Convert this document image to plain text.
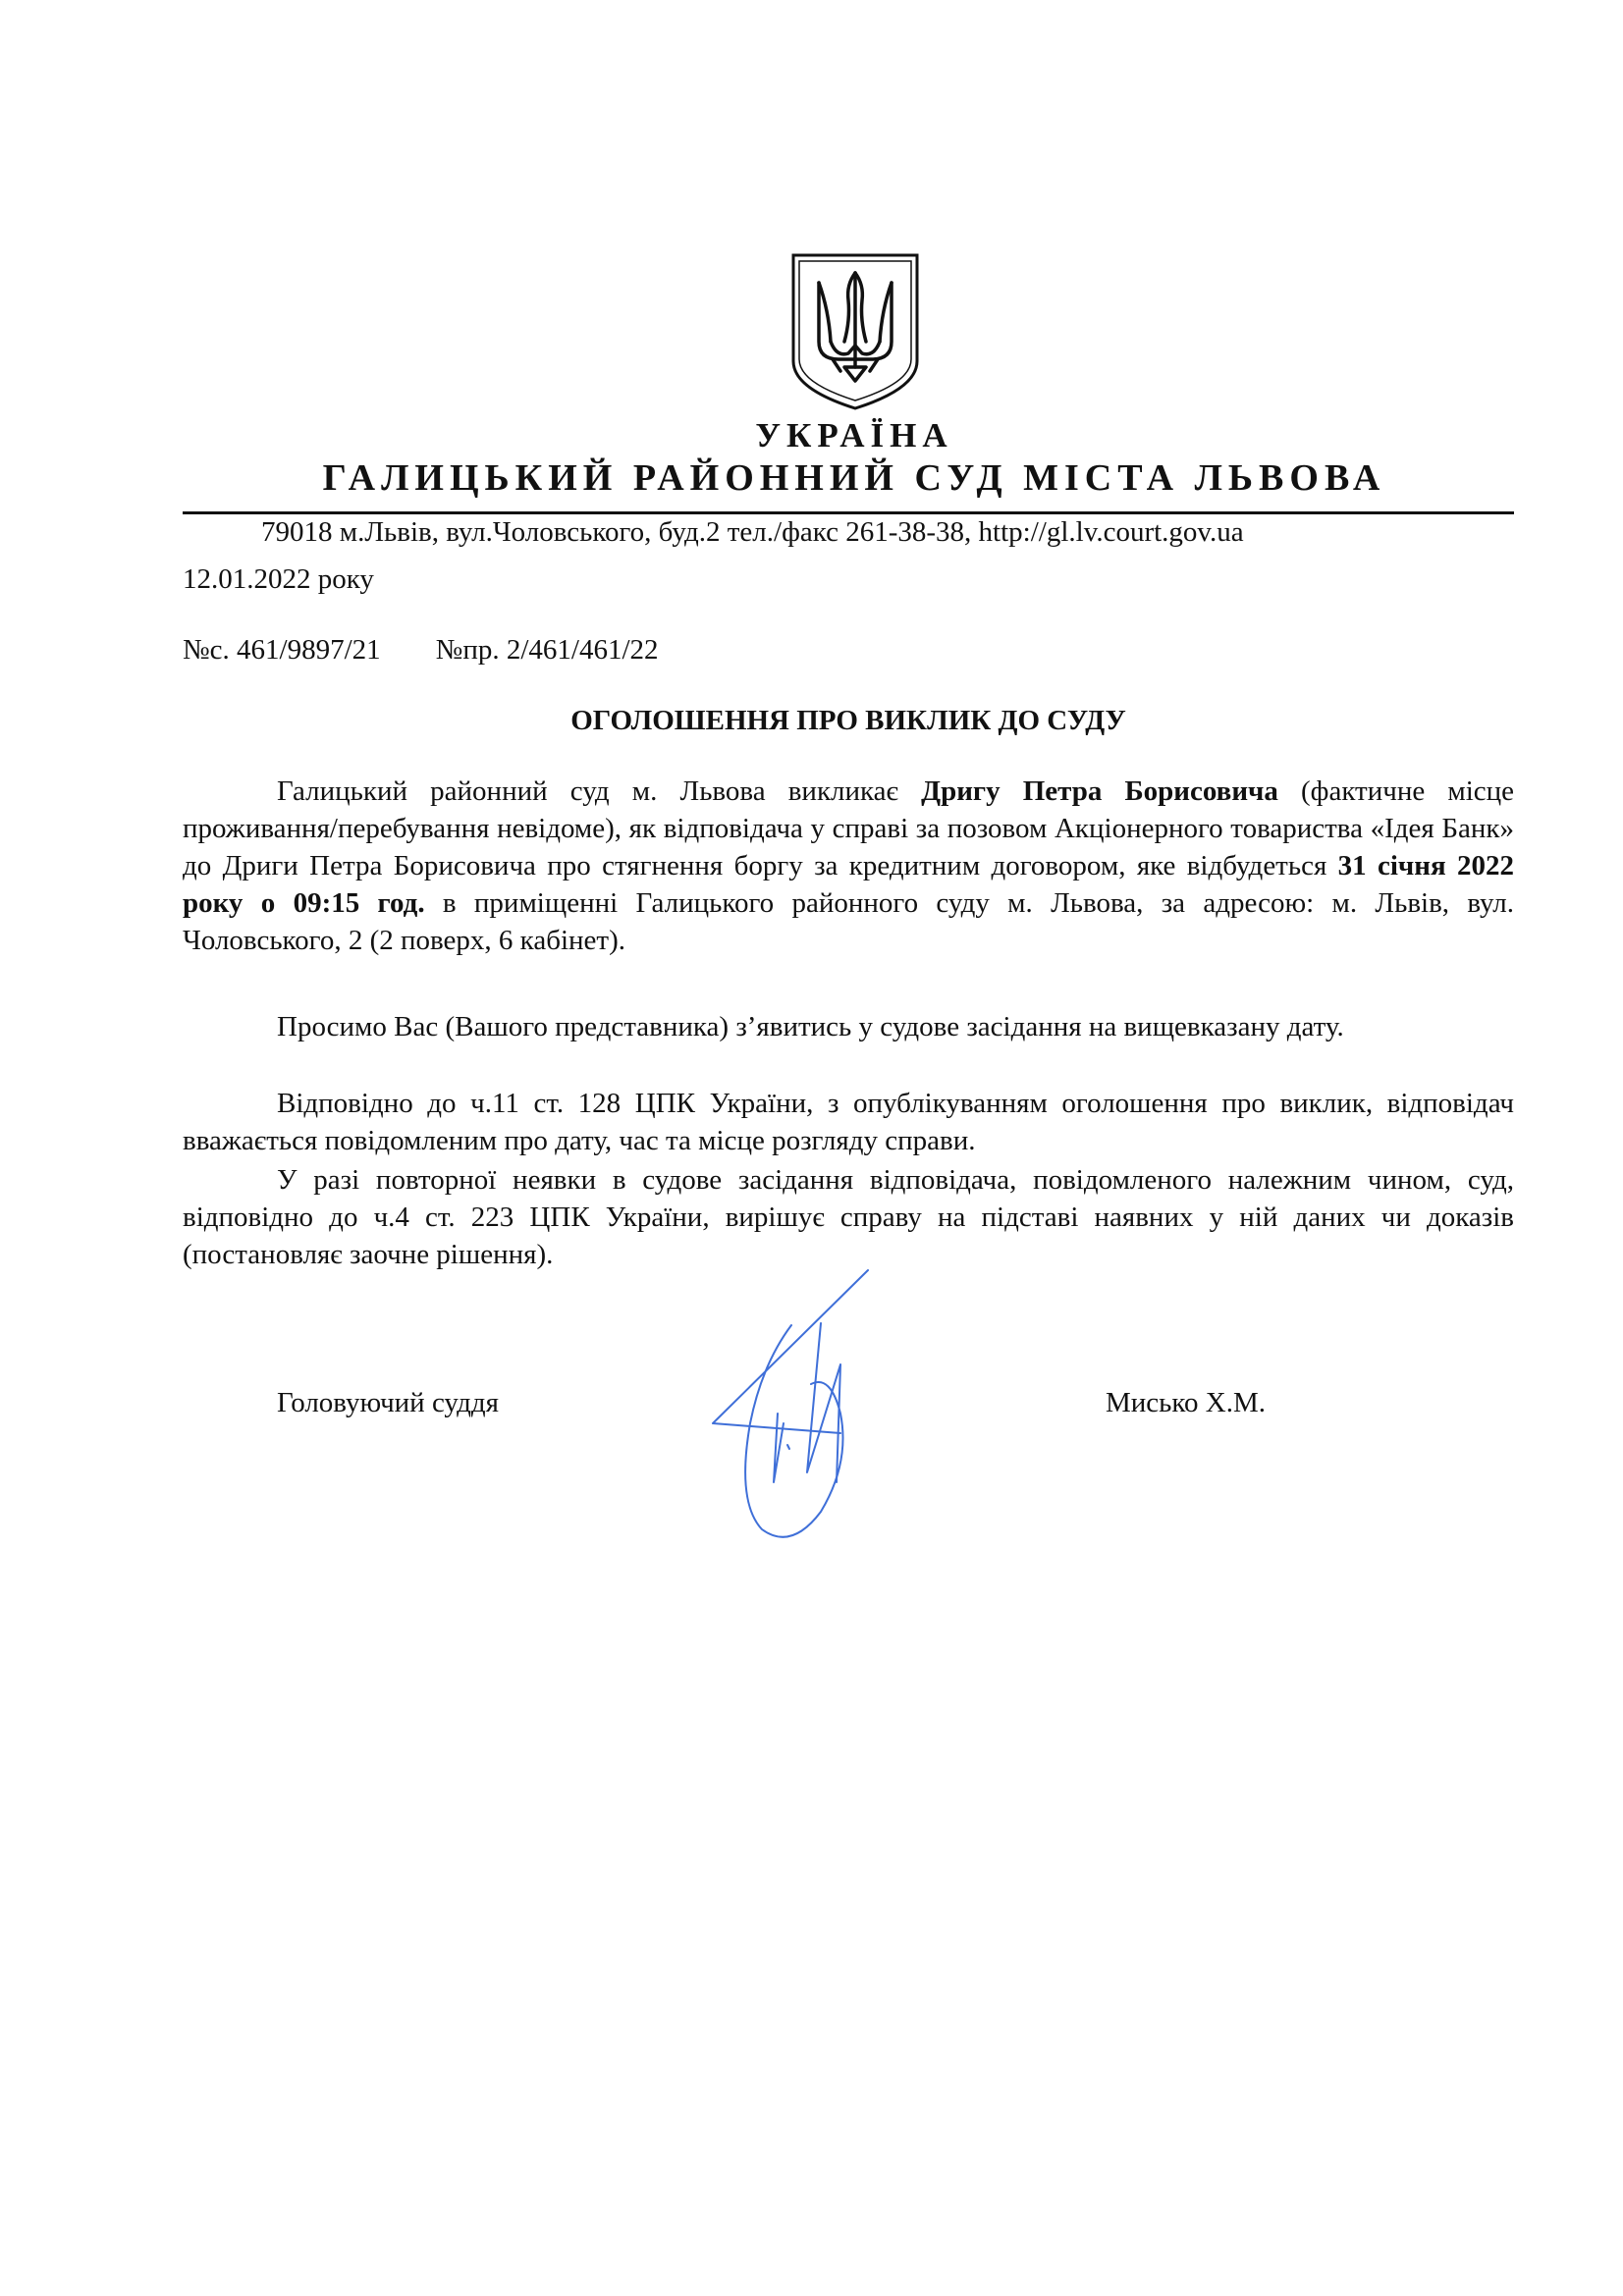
УКРАЇНА
ГАЛИЦЬКИЙ РАЙОННИЙ СУД МІСТА ЛЬВОВА
79018 м.Львів, вул.Чоловського, буд.2 тел./факс 261-38-38, http://gl.lv.court.gov.ua
12.01.2022 року
№с. 461/9897/21 №пр. 2/461/461/22
ОГОЛОШЕННЯ ПРО ВИКЛИК ДО СУДУ
Галицький районний суд м. Львова викликає Дригу Петра Борисовича (фактичне місце проживання/перебування невідоме), як відповідача у справі за позовом Акціонерного товариства «Ідея Банк» до Дриги Петра Борисовича про стягнення боргу за кредитним договором, яке відбудеться 31 січня 2022 року о 09:15 год. в приміщенні Галицького районного суду м. Львова, за адресою: м. Львів, вул. Чоловського, 2 (2 поверх, 6 кабінет).
Просимо Вас (Вашого представника) з’явитись у судове засідання на вищевказану дату.
Відповідно до ч.11 ст. 128 ЦПК України, з опублікуванням оголошення про виклик, відповідач вважається повідомленим про дату, час та місце розгляду справи.
У разі повторної неявки в судове засідання відповідача, повідомленого належним чином, суд, відповідно до ч.4 ст. 223 ЦПК України, вирішує справу на підставі наявних у ній даних чи доказів (постановляє заочне рішення).
Головуючий суддя	Мисько Х.М.
